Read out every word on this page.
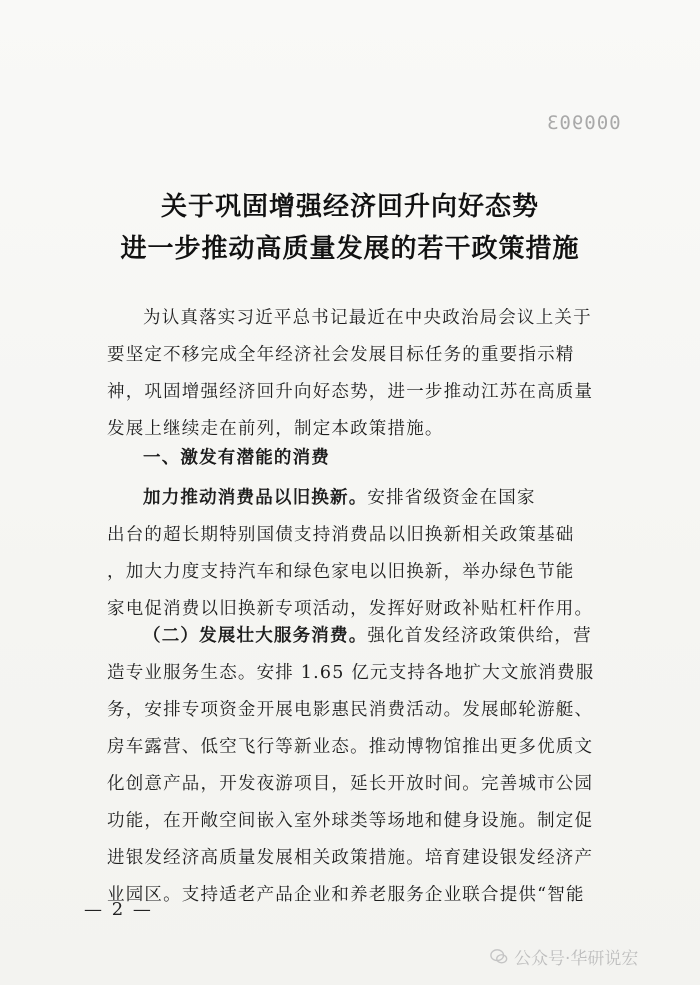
000903
关于巩固增强经济回升向好态势
进一步推动高质量发展的若干政策措施
为认真落实习近平总书记最近在中央政治局会议上关于
要坚定不移完成全年经济社会发展目标任务的重要指示精
神，巩固增强经济回升向好态势，进一步推动江苏在高质量
发展上继续走在前列，制定本政策措施。
一、激发有潜能的消费
加力推动消费品以旧换新。安排省级资金在国家
出台的超长期特别国债支持消费品以旧换新相关政策基础
，加大力度支持汽车和绿色家电以旧换新，举办绿色节能
家电促消费以旧换新专项活动，发挥好财政补贴杠杆作用。
（二）发展壮大服务消费。强化首发经济政策供给，营
造专业服务生态。安排 1.65 亿元支持各地扩大文旅消费服
务，安排专项资金开展电影惠民消费活动。发展邮轮游艇、
房车露营、低空飞行等新业态。推动博物馆推出更多优质文
化创意产品，开发夜游项目，延长开放时间。完善城市公园
功能，在开敞空间嵌入室外球类等场地和健身设施。制定促
进银发经济高质量发展相关政策措施。培育建设银发经济产
业园区。支持适老产品企业和养老服务企业联合提供“智能
— 2 —
公众号·华研说宏
